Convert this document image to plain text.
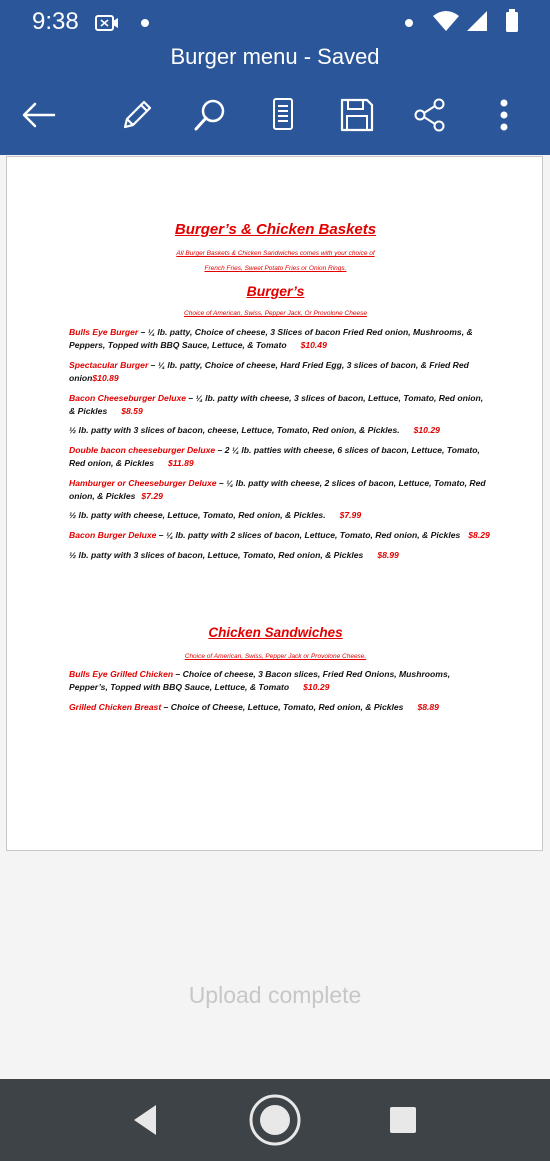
9:38
Burger menu - Saved
Burger’s & Chicken Baskets
All Burger Baskets & Chicken Sandwiches comes with your choice of
French Fries, Sweet Potato Fries or Onion Rings.
Burger’s
Choice of American, Swiss, Pepper Jack, Or Provolone Cheese
Bulls Eye Burger – ¼ lb. patty, Choice of cheese, 3 Slices of bacon Fried Red onion, Mushrooms, & Peppers, Topped with BBQ Sauce, Lettuce, & Tomato $10.49
Spectacular Burger – ¼ lb. patty, Choice of cheese, Hard Fried Egg, 3 slices of bacon, & Fried Red onion$10.89
Bacon Cheeseburger Deluxe – ¼ lb. patty with cheese, 3 slices of bacon, Lettuce, Tomato, Red onion, & Pickles $8.59
½ lb. patty with 3 slices of bacon, cheese, Lettuce, Tomato, Red onion, & Pickles. $10.29
Double bacon cheeseburger Deluxe – 2 ¼ lb. patties with cheese, 6 slices of bacon, Lettuce, Tomato, Red onion, & Pickles $11.89
Hamburger or Cheeseburger Deluxe – ¼ lb. patty with cheese, 2 slices of bacon, Lettuce, Tomato, Red onion, & Pickles $7.29
½ lb. patty with cheese, Lettuce, Tomato, Red onion, & Pickles. $7.99
Bacon Burger Deluxe – ¼ lb. patty with 2 slices of bacon, Lettuce, Tomato, Red onion, & Pickles $8.29
½ lb. patty with 3 slices of bacon, Lettuce, Tomato, Red onion, & Pickles $8.99
Chicken Sandwiches
Choice of American, Swiss, Pepper Jack or Provolone Cheese.
Bulls Eye Grilled Chicken – Choice of cheese, 3 Bacon slices, Fried Red Onions, Mushrooms, Pepper’s, Topped with BBQ Sauce, Lettuce, & Tomato $10.29
Grilled Chicken Breast – Choice of Cheese, Lettuce, Tomato, Red onion, & Pickles $8.89
Upload complete
